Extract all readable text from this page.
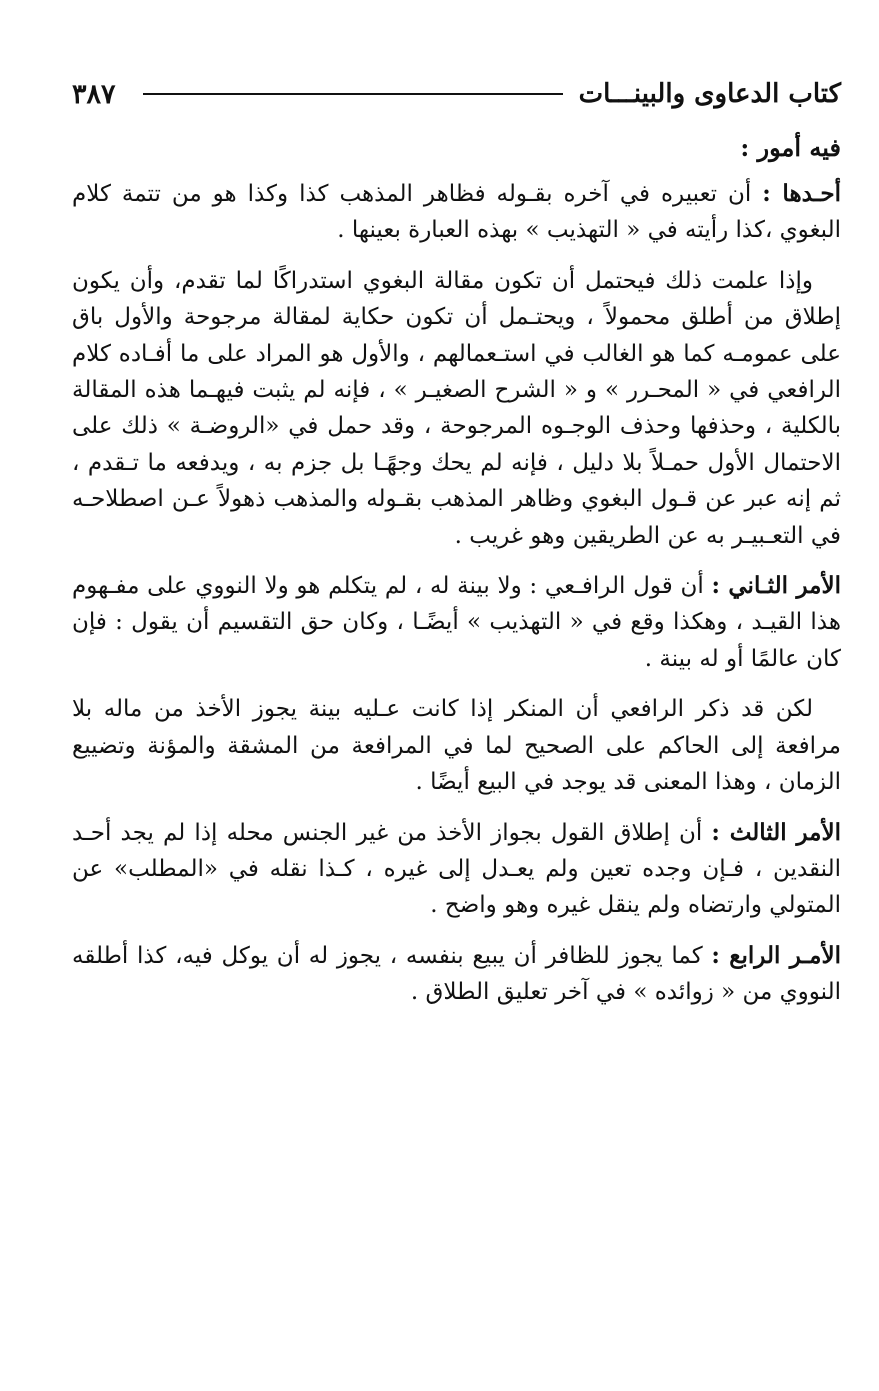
كتاب الدعاوى والبينـــات
٣٨٧

فيه أمور :

أحـدها : أن تعبيره في آخره بقـوله فظاهر المذهب كذا وكذا هو من تتمة كلام البغوي ،كذا رأيته في « التهذيب » بهذه العبارة بعينها .

وإذا علمت ذلك فيحتمل أن تكون مقالة البغوي استدراكًا لما تقدم، وأن يكون إطلاق من أطلق محمولاً ، ويحتـمل أن تكون حكاية لمقالة مرجوحة والأول باق على عمومـه كما هو الغالب في استـعمالهم ، والأول هو المراد على ما أفـاده كلام الرافعي في « المحـرر » و « الشرح الصغيـر » ، فإنه لم يثبت فيهـما هذه المقالة بالكلية ، وحذفها وحذف الوجـوه المرجوحة ، وقد حمل في «الروضـة » ذلك على الاحتمال الأول حمـلاً بلا دليل ، فإنه لم يحك وجهًـا بل جزم به ، ويدفعه ما تـقدم ، ثم إنه عبر عن قـول البغوي وظاهر المذهب بقـوله والمذهب ذهولاً عـن اصطلاحـه في التعـبيـر به عن الطريقين وهو غريب .

الأمر الثـاني : أن قول الرافـعي : ولا بينة له ، لم يتكلم هو ولا النووي على مفـهوم هذا القيـد ، وهكذا وقع في « التهذيب » أيضًـا ، وكان حق التقسيم أن يقول : فإن كان عالمًا أو له بينة .

لكن قد ذكر الرافعي أن المنكر إذا كانت عـليه بينة يجوز الأخذ من ماله بلا مرافعة إلى الحاكم على الصحيح لما في المرافعة من المشقة والمؤنة وتضييع الزمان ، وهذا المعنى قد يوجد في البيع أيضًا .

الأمر الثالث : أن إطلاق القول بجواز الأخذ من غير الجنس محله إذا لم يجد أحـد النقدين ، فـإن وجده تعين ولم يعـدل إلى غيره ، كـذا نقله في «المطلب» عن المتولي وارتضاه ولم ينقل غيره وهو واضح .

الأمـر الرابع : كما يجوز للظافر أن يبيع بنفسه ، يجوز له أن يوكل فيه، كذا أطلقه النووي من « زوائده » في آخر تعليق الطلاق .
